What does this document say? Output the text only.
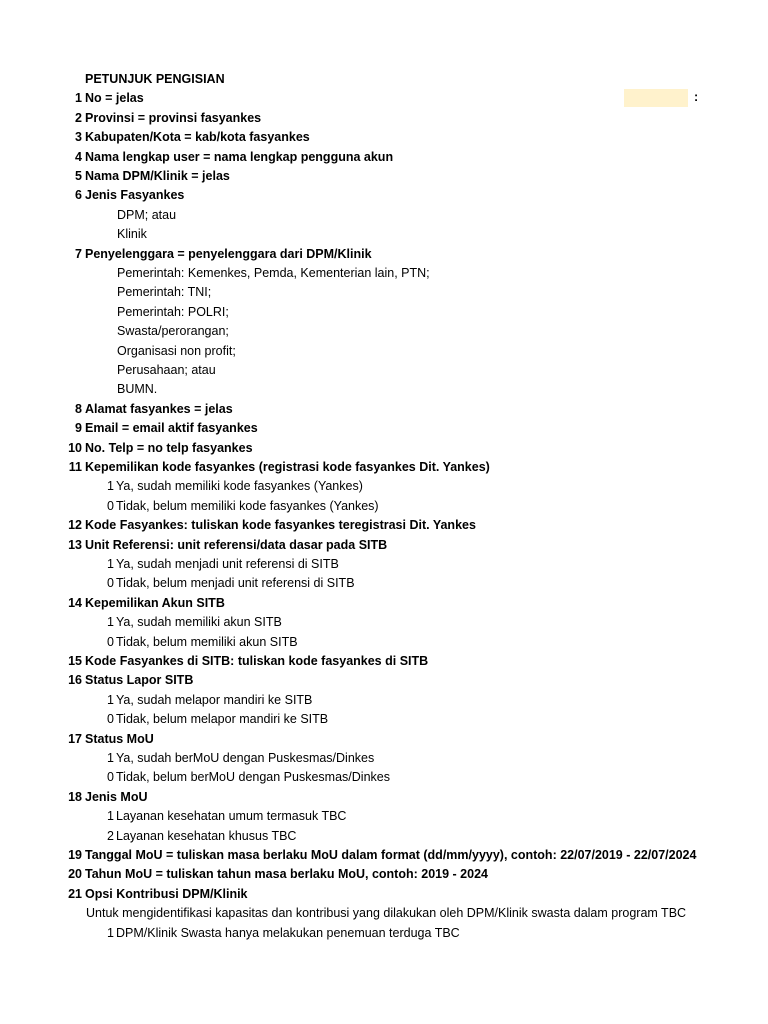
:
PETUNJUK PENGISIAN
1 No = jelas
2 Provinsi = provinsi fasyankes
3 Kabupaten/Kota = kab/kota fasyankes
4 Nama lengkap user = nama lengkap pengguna akun
5 Nama DPM/Klinik = jelas
6 Jenis Fasyankes
DPM; atau
Klinik
7 Penyelenggara = penyelenggara dari DPM/Klinik
Pemerintah: Kemenkes, Pemda, Kementerian lain, PTN;
Pemerintah: TNI;
Pemerintah: POLRI;
Swasta/perorangan;
Organisasi non profit;
Perusahaan; atau
BUMN.
8 Alamat fasyankes = jelas
9 Email = email aktif fasyankes
10 No. Telp = no telp fasyankes
11 Kepemilikan kode fasyankes (registrasi kode fasyankes Dit. Yankes)
1 Ya, sudah memiliki kode fasyankes (Yankes)
0 Tidak, belum memiliki kode fasyankes (Yankes)
12 Kode Fasyankes: tuliskan kode fasyankes teregistrasi Dit. Yankes
13 Unit Referensi: unit referensi/data dasar pada SITB
1 Ya, sudah menjadi unit referensi di SITB
0 Tidak, belum menjadi unit referensi di SITB
14 Kepemilikan Akun SITB
1 Ya, sudah memiliki akun SITB
0 Tidak, belum memiliki akun SITB
15 Kode Fasyankes di SITB: tuliskan kode fasyankes di SITB
16 Status Lapor SITB
1 Ya, sudah melapor mandiri ke SITB
0 Tidak, belum melapor mandiri ke SITB
17 Status MoU
1 Ya, sudah berMoU dengan Puskesmas/Dinkes
0 Tidak, belum berMoU dengan Puskesmas/Dinkes
18 Jenis MoU
1 Layanan kesehatan umum termasuk TBC
2 Layanan kesehatan khusus TBC
19 Tanggal MoU = tuliskan masa berlaku MoU dalam format (dd/mm/yyyy), contoh: 22/07/2019 - 22/07/2024
20 Tahun MoU = tuliskan tahun masa berlaku MoU, contoh: 2019 - 2024
21 Opsi Kontribusi DPM/Klinik
Untuk mengidentifikasi kapasitas dan kontribusi yang dilakukan oleh DPM/Klinik swasta dalam program TBC
1 DPM/Klinik Swasta hanya melakukan penemuan terduga TBC
